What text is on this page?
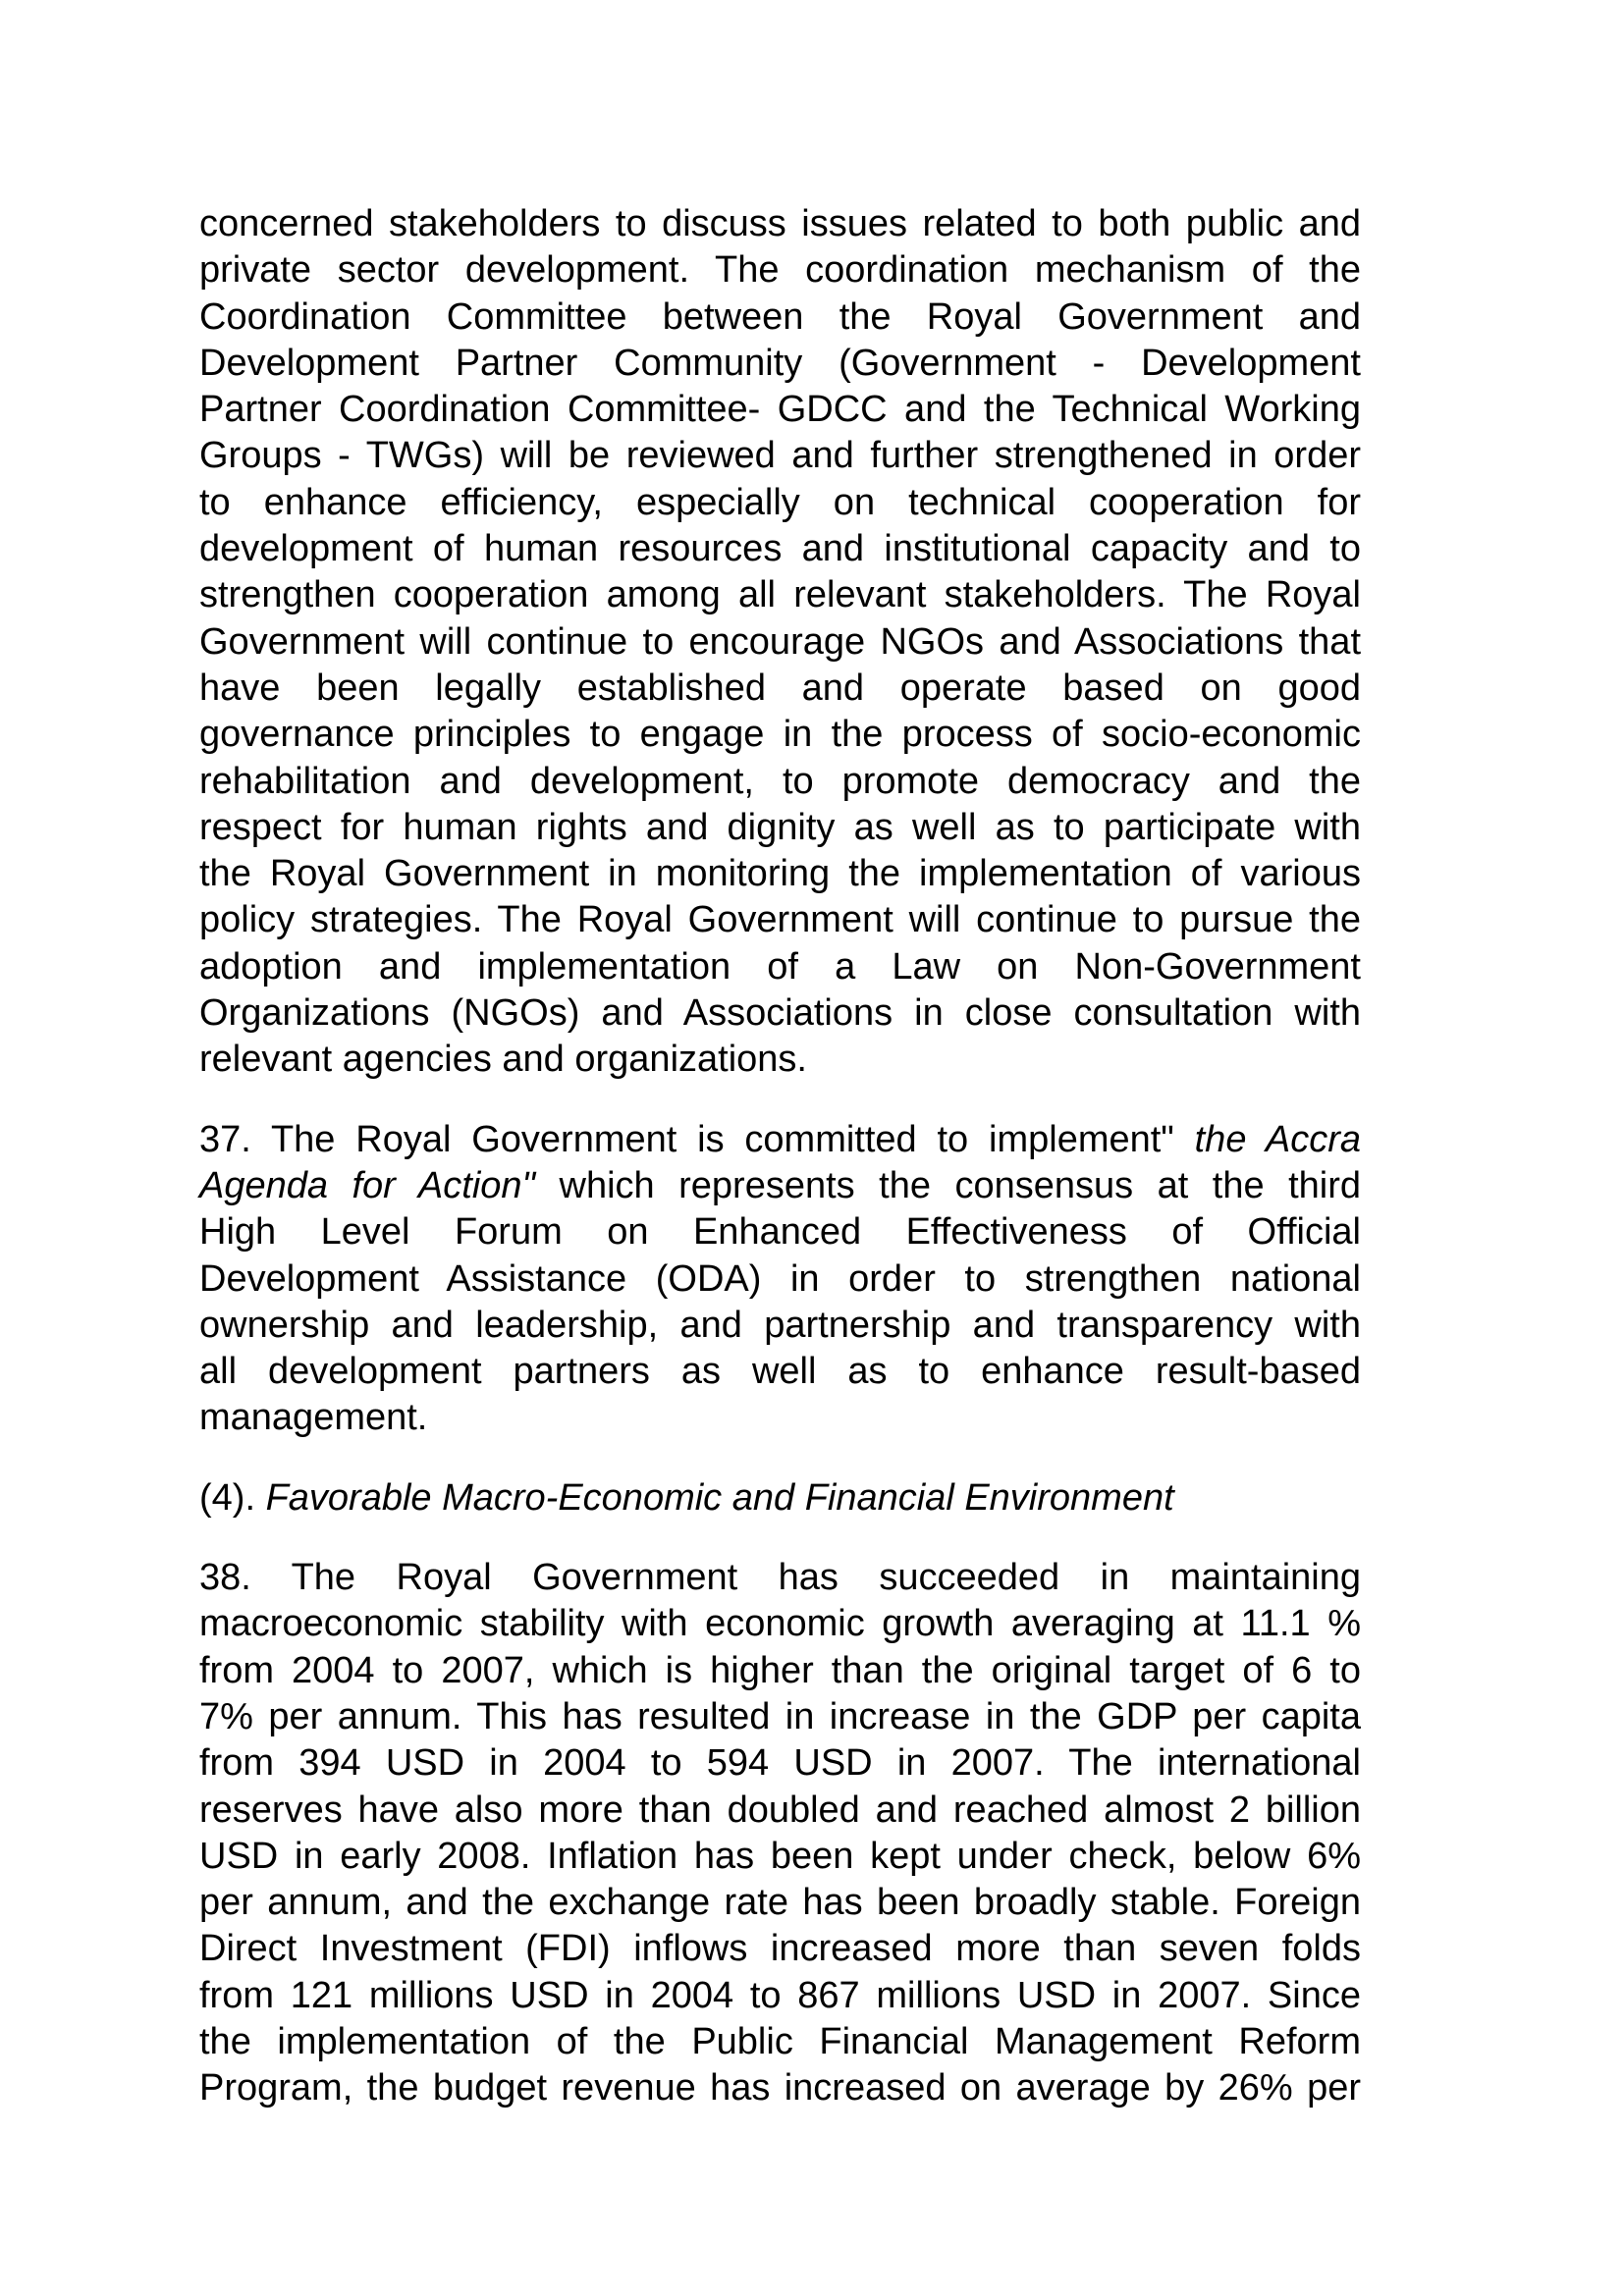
concerned stakeholders to discuss issues related to both public and
private sector development. The coordination mechanism of the
Coordination Committee between the Royal Government and
Development Partner Community (Government - Development
Partner Coordination Committee- GDCC and the Technical Working
Groups - TWGs) will be reviewed and further strengthened in order
to enhance efficiency, especially on technical cooperation for
development of human resources and institutional capacity and to
strengthen cooperation among all relevant stakeholders. The Royal
Government will continue to encourage NGOs and Associations that
have been legally established and operate based on good
governance principles to engage in the process of socio-economic
rehabilitation and development, to promote democracy and the
respect for human rights and dignity as well as to participate with
the Royal Government in monitoring the implementation of various
policy strategies. The Royal Government will continue to pursue the
adoption and implementation of a Law on Non-Government
Organizations (NGOs) and Associations in close consultation with
relevant agencies and organizations.
37. The Royal Government is committed to implement" the Accra
Agenda for Action" which represents the consensus at the third
High Level Forum on Enhanced Effectiveness of Official
Development Assistance (ODA) in order to strengthen national
ownership and leadership, and partnership and transparency with
all development partners as well as to enhance result-based
management.
(4). Favorable Macro-Economic and Financial Environment
38. The Royal Government has succeeded in maintaining
macroeconomic stability with economic growth averaging at 11.1 %
from 2004 to 2007, which is higher than the original target of 6 to
7% per annum. This has resulted in increase in the GDP per capita
from 394 USD in 2004 to 594 USD in 2007. The international
reserves have also more than doubled and reached almost 2 billion
USD in early 2008. Inflation has been kept under check, below 6%
per annum, and the exchange rate has been broadly stable. Foreign
Direct Investment (FDI) inflows increased more than seven folds
from 121 millions USD in 2004 to 867 millions USD in 2007. Since
the implementation of the Public Financial Management Reform
Program, the budget revenue has increased on average by 26% per
